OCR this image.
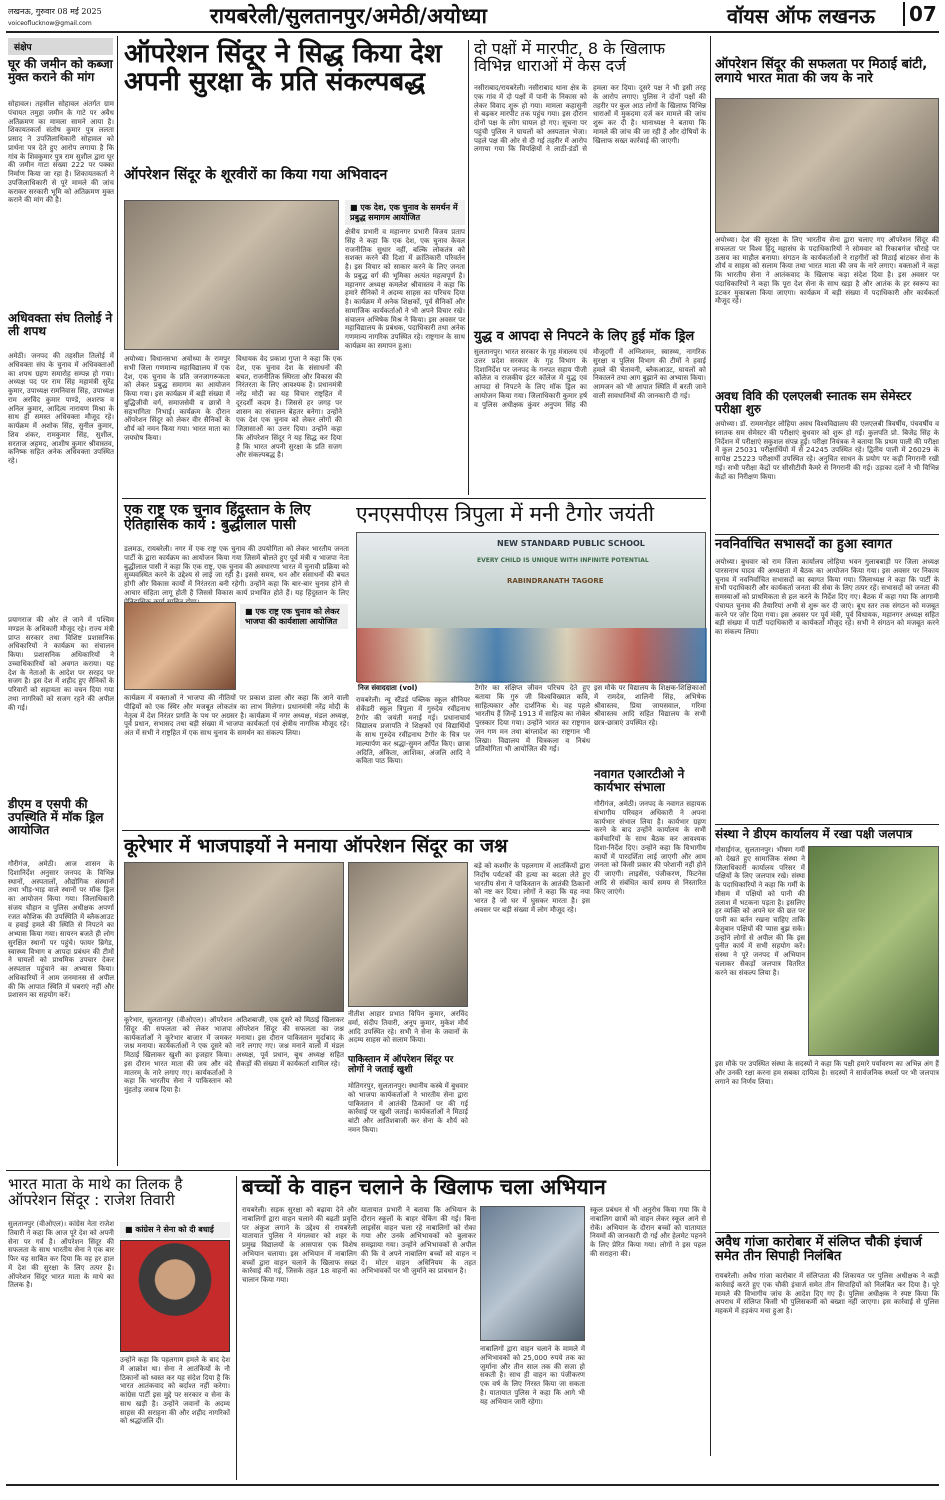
लखनऊ, गुरुवार 08 मई 2025
voiceoflucknow@gmail.com	रायबरेली/सुलतानपुर/अमेठी/अयोध्या	वॉयस ऑफ लखनऊ	07
संक्षेप
घूर की जमीन को कब्जा मुक्त कराने की मांग
सोहावल। तहसील सोहावल अंतर्गत ग्राम पंचायत तमुहा जमीन के गाटे पर अवैध अतिक्रमण का मामला सामने आया है। शिकायतकर्ता संतोष कुमार पुत्र ललता प्रसाद ने उपजिलाधिकारी सोहावल को प्रार्थना पत्र देते हुए आरोप लगाया है कि गांव के शिवकुमार पुत्र राम सुशील द्वारा घूर की जमीन गाटा संख्या 222 पर पक्का निर्माण किया जा रहा है। शिकायतकर्ता ने उपजिलाधिकारी से पूरे मामले की जांच कराकर सरकारी भूमि को अतिक्रमण मुक्त कराने की मांग की है।
अधिवक्ता संघ तिलोई ने ली शपथ
अमेठी। जनपद की तहसील तिलोई में अधिवक्ता संघ के चुनाव में अधिवक्ताओं का शपथ ग्रहण समारोह सम्पन्न हो गया। अध्यक्ष पद पर राम सिंह महामंत्री सुरेंद्र कुमार, उपाध्यक्ष रामनिवास सिंह, उपाध्यक्ष राम अरविंद कुमार पाण्डे, अशरफ व अनिल कुमार, आदित्य नारायण मिश्रा के साथ ही समस्त अधिवक्ता मौजूद रहे। कार्यक्रम में अशोक सिंह, सुनील कुमार, शिव शंकर, रामकुमार सिंह, सुशील, सरताज अहमद, आशीष कुमार श्रीवास्तव, कनिष्क सहित अनेक अधिवक्ता उपस्थित रहे।
प्रयागराज की ओर ले जाने में पश्चिम मण्डल के अधिकारी मौजूद रहे। राज्य मंत्री प्राप्त सरकार तथा विशिष्ट प्रशासनिक अधिकारियों ने कार्यक्रम का संचालन किया। प्रशासनिक अधिकारियों ने उच्चाधिकारियों को अवगत कराया। यह देश के नेताओं के आदेश पर सरहद पर सजग है। इस देश में शहीद हुए सैनिकों के परिवारों को सहायता का वचन दिया गया तथा नागरिकों को सजग रहने की अपील की गई।
डीएम व एसपी की उपस्थिति में मॉक ड्रिल आयोजित
गौरीगंज, अमेठी। आज शासन के दिशानिर्देश अनुसार जनपद के विभिन्न स्थानों, अस्पतालों, औद्योगिक संस्थानों तथा भीड़-भाड़ वाले स्थानों पर मॉक ड्रिल का आयोजन किया गया। जिलाधिकारी संजय चौहान व पुलिस अधीक्षक अपर्णा रजत कौशिक की उपस्थिति में ब्लैकआउट व हवाई हमले की स्थिति से निपटने का अभ्यास किया गया। सायरन बजते ही लोग सुरक्षित स्थानों पर पहुंचे। फायर ब्रिगेड, स्वास्थ्य विभाग व आपदा प्रबंधन की टीमों ने घायलों को प्राथमिक उपचार देकर अस्पताल पहुंचाने का अभ्यास किया। अधिकारियों ने आम जनमानस से अपील की कि आपात स्थिति में घबराएं नहीं और प्रशासन का सहयोग करें।
ऑपरेशन सिंदूर ने सिद्ध किया देश अपनी सुरक्षा के प्रति संकल्पबद्ध
ऑपरेशन सिंदूर के शूरवीरों का किया गया अभिवादन
■ एक देश, एक चुनाव के समर्थन में प्रबुद्ध समागम आयोजित
अयोध्या। विधानसभा अयोध्या के रामपुर सभी जिला गणमान्य महाविद्यालय में एक देश, एक चुनाव के प्रति जनजागरूकता को लेकर प्रबुद्ध समागम का आयोजन किया गया। इस कार्यक्रम में बड़ी संख्या में बुद्धिजीवी वर्ग, समाजसेवी व छात्रों ने सहभागिता निभाई। कार्यक्रम के दौरान ऑपरेशन सिंदूर को लेकर वीर सैनिकों के शौर्य को नमन किया गया। भारत माता का जयघोष किया।
विधायक वेद प्रकाश गुप्ता ने कहा कि एक देश, एक चुनाव देश के संसाधनों की बचत, राजनीतिक स्थिरता और विकास की निरंतरता के लिए आवश्यक है। प्रधानमंत्री नरेंद्र मोदी का यह विचार राष्ट्रहित में दूरदर्शी कदम है। जिससे हर जगह पर शासन का संचालन बेहतर बनेगा। उन्होंने एक देश एक चुनाव को लेकर लोगों की जिज्ञासाओं का उत्तर दिया। उन्होंने कहा कि ऑपरेशन सिंदूर ने यह सिद्ध कर दिया है कि भारत अपनी सुरक्षा के प्रति सजग और संकल्पबद्ध है।
क्षेत्रीय प्रभारी व महानगर प्रभारी विजय प्रताप सिंह ने कहा कि एक देश, एक चुनाव केवल राजनीतिक सुधार नहीं, बल्कि लोकतंत्र को सशक्त करने की दिशा में क्रांतिकारी परिवर्तन है। इस विचार को साकार करने के लिए जनता के प्रबुद्ध वर्ग की भूमिका अत्यंत महत्वपूर्ण है। महानगर अध्यक्ष कमलेश श्रीवास्तव ने कहा कि हमारे सैनिकों ने अदम्य साहस का परिचय दिया है। कार्यक्रम में अनेक शिक्षकों, पूर्व सैनिकों और सामाजिक कार्यकर्ताओं ने भी अपने विचार रखे। संचालन अभिषेक मिश्र ने किया। इस अवसर पर महाविद्यालय के प्रबंधक, पदाधिकारी तथा अनेक गणमान्य नागरिक उपस्थित रहे। राष्ट्रगान के साथ कार्यक्रम का समापन हुआ।
दो पक्षों में मारपीट, 8 के खिलाफ विभिन्न धाराओं में केस दर्ज
नसीराबाद/रायबरेली। नसीराबाद थाना क्षेत्र के एक गांव में दो पक्षों में पानी के निकास को लेकर विवाद शुरू हो गया। मामला कहासुनी से बढ़कर मारपीट तक पहुंच गया। इस दौरान दोनों पक्ष के लोग घायल हो गए। सूचना पर पहुंची पुलिस ने घायलों को अस्पताल भेजा। पहले पक्ष की ओर से दी गई तहरीर में आरोप लगाया गया कि विपक्षियों ने लाठी-डंडों से हमला कर दिया। दूसरे पक्ष ने भी इसी तरह के आरोप लगाए। पुलिस ने दोनों पक्षों की तहरीर पर कुल आठ लोगों के खिलाफ विभिन्न धाराओं में मुकदमा दर्ज कर मामले की जांच शुरू कर दी है। थानाध्यक्ष ने बताया कि मामले की जांच की जा रही है और दोषियों के खिलाफ सख्त कार्रवाई की जाएगी।
युद्ध व आपदा से निपटने के लिए हुई मॉक ड्रिल
सुलतानपुर। भारत सरकार के गृह मंत्रालय एवं उत्तर प्रदेश सरकार के गृह विभाग के दिशानिर्देश पर जनपद के गनपत सहाय पीजी कॉलेज व राजकीय इंटर कॉलेज में युद्ध एवं आपदा से निपटने के लिए मॉक ड्रिल का आयोजन किया गया। जिलाधिकारी कुमार हर्ष व पुलिस अधीक्षक कुंवर अनुपम सिंह की मौजूदगी में अग्निशमन, स्वास्थ्य, नागरिक सुरक्षा व पुलिस विभाग की टीमों ने हवाई हमले की चेतावनी, ब्लैकआउट, घायलों को निकालने तथा आग बुझाने का अभ्यास किया। आमजन को भी आपात स्थिति में बरती जाने वाली सावधानियों की जानकारी दी गई।
एक राष्ट्र एक चुनाव हिंदुस्तान के लिए ऐतिहासिक कार्य : बुद्धीलाल पासी
डलमऊ, रायबरेली। नगर में एक राष्ट्र एक चुनाव की उपयोगिता को लेकर भारतीय जनता पार्टी के द्वारा कार्यक्रम का आयोजन किया गया जिसमें बोलते हुए पूर्व मंत्री व भाजपा नेता बुद्धीलाल पासी ने कहा कि एक राष्ट्र, एक चुनाव की अवधारणा भारत में चुनावी प्रक्रिया को सुव्यवस्थित करने के उद्देश्य से लाई जा रही है। इससे समय, धन और संसाधनों की बचत होगी और विकास कार्यों में निरंतरता बनी रहेगी। उन्होंने कहा कि बार-बार चुनाव होने से आचार संहिता लागू होती है जिससे विकास कार्य प्रभावित होते हैं। यह हिंदुस्तान के लिए
■ एक राष्ट्र एक चुनाव को लेकर भाजपा की कार्यशाला आयोजित
कार्यक्रम में वक्ताओं ने भाजपा की नीतियों पर प्रकाश डाला और कहा कि आने वाली पीढ़ियों को एक स्थिर और मजबूत लोकतंत्र का लाभ मिलेगा। प्रधानमंत्री नरेंद्र मोदी के नेतृत्व में देश निरंतर प्रगति के पथ पर अग्रसर है। कार्यक्रम में नगर अध्यक्ष, मंडल अध्यक्ष, पूर्व प्रधान, सभासद तथा बड़ी संख्या में भाजपा कार्यकर्ता एवं क्षेत्रीय नागरिक मौजूद रहे। अंत में सभी ने राष्ट्रहित में एक साथ चुनाव के समर्थन का संकल्प लिया।
एनएसपीएस त्रिपुला में मनी टैगोर जयंती
NEW STANDARD PUBLIC SCHOOL
EVERY CHILD IS UNIQUE WITH INFINITE POTENTIAL
RABINDRANATH TAGORE
निज संवाददाता (vol)
रायबरेली। न्यू स्टैंडर्ड पब्लिक स्कूल सीनियर सेकेंडरी स्कूल त्रिपुला में गुरुदेव रवींद्रनाथ टैगोर की जयंती मनाई गई। प्रधानाचार्य विद्यालय प्रजापति ने शिक्षकों एवं विद्यार्थियों के साथ गुरुदेव रवींद्रनाथ टैगोर के चित्र पर माल्यार्पण कर श्रद्धा-सुमन अर्पित किए। छात्रा अदिति, अंकिता, आशिका, अंजलि आदि ने कविता पाठ किया।
टैगोर का संक्षिप्त जीवन परिचय देते हुए बताया कि गुरु जी विश्वविख्यात कवि, साहित्यकार और दार्शनिक थे। वह पहले भारतीय हैं जिन्हें 1913 में साहित्य का नोबेल पुरस्कार दिया गया। उन्होंने भारत का राष्ट्रगान जन गण मन तथा बांग्लादेश का राष्ट्रगान भी लिखा। विद्यालय में चित्रकला व निबंध प्रतियोगिता भी आयोजित की गई।
इस मौके पर विद्यालय के शिक्षक-शिक्षिकाओं में रामदेव, शालिनी सिंह, अभिषेक श्रीवास्तव, प्रिया जायसवाल, गरिमा श्रीवास्तव आदि सहित विद्यालय के सभी छात्र-छात्राएं उपस्थित रहे।
नवागत एआरटीओ ने कार्यभार संभाला
गौरीगंज, अमेठी। जनपद के नवागत सहायक संभागीय परिवहन अधिकारी ने अपना कार्यभार संभाल लिया है। कार्यभार ग्रहण करने के बाद उन्होंने कार्यालय के सभी कर्मचारियों के साथ बैठक कर आवश्यक दिशा-निर्देश दिए। उन्होंने कहा कि विभागीय कार्यों में पारदर्शिता लाई जाएगी और आम जनता को किसी प्रकार की परेशानी नहीं होने दी जाएगी। लाइसेंस, पंजीकरण, फिटनेस आदि से संबंधित कार्य समय से निस्तारित किए जाएंगे।
कूरेभार में भाजपाइयों ने मनाया ऑपरेशन सिंदूर का जश्न
बड़े को कश्मीर के पहलगाम में आतंकियों द्वारा निर्दोष पर्यटकों की हत्या का बदला लेते हुए भारतीय सेना ने पाकिस्तान के आतंकी ठिकानों को नष्ट कर दिया। लोगों ने कहा कि यह नया भारत है जो घर में घुसकर मारता है। इस अवसर पर बड़ी संख्या में लोग मौजूद रहे।
कूरेभार, सुलतानपुर (वीओएल)। ऑपरेशन सिंदूर की सफलता को लेकर भाजपा कार्यकर्ताओं ने कूरेभार बाजार में जमकर जश्न मनाया। कार्यकर्ताओं ने एक दूसरे को मिठाई खिलाकर खुशी का इजहार किया। इस दौरान भारत माता की जय और वंदे मातरम् के नारे लगाए गए। कार्यकर्ताओं ने कहा कि भारतीय सेना ने पाकिस्तान को मुंहतोड़ जवाब दिया है।
अतिशबाजी, एक दूसरे को मिठाई खिलाकर ऑपरेशन सिंदूर की सफलता का जश्न मनाया। इस दौरान पाकिस्तान मुर्दाबाद के नारे लगाए गए। जश्न मनाने वालों में मंडल अध्यक्ष, पूर्व प्रधान, बूथ अध्यक्ष सहित सैकड़ों की संख्या में कार्यकर्ता शामिल रहे।
नीतीश आहार प्रभात विपिन कुमार, अरविंद वर्मा, संदीप तिवारी, अनूप कुमार, मुकेश मौर्य आदि उपस्थित रहे। सभी ने सेना के जवानों के अदम्य साहस को सलाम किया।
पाकिस्तान में ऑपरेशन सिंदूर पर लोगों ने जताई खुशी
मोतिगरपुर, सुलतानपुर। स्थानीय कस्बे में बुधवार को भाजपा कार्यकर्ताओं ने भारतीय सेना द्वारा पाकिस्तान में आतंकी ठिकानों पर की गई कार्रवाई पर खुशी जताई। कार्यकर्ताओं ने मिठाई बांटी और आतिशबाजी कर सेना के शौर्य को नमन किया।
भारत माता के माथे का तिलक है ऑपरेशन सिंदूर : राजेश तिवारी
सुलतानपुर (वीओएल)। कांग्रेस नेता राजेश तिवारी ने कहा कि आज पूरे देश को अपनी सेना पर गर्व है। ऑपरेशन सिंदूर की सफलता के साथ भारतीय सेना ने एक बार फिर यह साबित कर दिया कि वह हर हाल में देश की सुरक्षा के लिए तत्पर है। ऑपरेशन सिंदूर भारत माता के माथे का तिलक है।
■ कांग्रेस ने सेना को दी बधाई
उन्होंने कहा कि पहलगाम हमले के बाद देश में आक्रोश था। सेना ने आतंकियों के नौ ठिकानों को ध्वस्त कर यह संदेश दिया है कि भारत आतंकवाद को बर्दाश्त नहीं करेगा। कांग्रेस पार्टी इस मुद्दे पर सरकार व सेना के साथ खड़ी है। उन्होंने जवानों के अदम्य साहस की सराहना की और शहीद नागरिकों को श्रद्धांजलि दी।
बच्चों के वाहन चलाने के खिलाफ चला अभियान
रायबरेली। सड़क सुरक्षा को बढ़ावा देने और नाबालिगों द्वारा वाहन चलाने की बढ़ती प्रवृत्ति पर अंकुश लगाने के उद्देश्य से रायबरेली यातायात पुलिस ने मंगलवार को शहर के प्रमुख विद्यालयों के आसपास एक विशेष अभियान चलाया। इस अभियान में नाबालिग बच्चों द्वारा वाहन चलाने के खिलाफ सख्त कार्रवाई की गई, जिसके तहत 18 वाहनों का चालान किया गया।
यातायात प्रभारी ने बताया कि अभियान के दौरान स्कूलों के बाहर चेकिंग की गई। बिना लाइसेंस वाहन चला रहे नाबालिगों को रोका गया और उनके अभिभावकों को बुलाकर समझाया गया। उन्होंने अभिभावकों से अपील की कि वे अपने नाबालिग बच्चों को वाहन न दें। मोटर वाहन अधिनियम के तहत अभिभावकों पर भी जुर्माने का प्रावधान है।
नाबालिगों द्वारा वाहन चलाने के मामले में अभिभावकों को 25,000 रुपये तक का जुर्माना और तीन साल तक की सजा हो सकती है। साथ ही वाहन का पंजीकरण एक वर्ष के लिए निरस्त किया जा सकता है। यातायात पुलिस ने कहा कि आगे भी यह अभियान जारी रहेगा।
स्कूल प्रबंधन से भी अनुरोध किया गया कि वे नाबालिग छात्रों को वाहन लेकर स्कूल आने से रोकें। अभियान के दौरान बच्चों को यातायात नियमों की जानकारी दी गई और हेलमेट पहनने के लिए प्रेरित किया गया। लोगों ने इस पहल की सराहना की।
ऑपरेशन सिंदूर की सफलता पर मिठाई बांटी, लगाये भारत माता की जय के नारे
अयोध्या। देश की सुरक्षा के लिए भारतीय सेना द्वारा चलाए गए ऑपरेशन सिंदूर की सफलता पर विश्व हिंदू महासंघ के पदाधिकारियों ने सोमवार को रिकाबगंज चौराहे पर उत्सव का माहौल बनाया। संगठन के कार्यकर्ताओं ने राहगीरों को मिठाई बांटकर सेना के शौर्य व साहस को सलाम किया तथा भारत माता की जय के नारे लगाए। वक्ताओं ने कहा कि भारतीय सेना ने आतंकवाद के खिलाफ कड़ा संदेश दिया है। इस अवसर पर पदाधिकारियों ने कहा कि पूरा देश सेना के साथ खड़ा है और आतंक के हर स्वरूप का डटकर मुकाबला किया जाएगा। कार्यक्रम में बड़ी संख्या में पदाधिकारी और कार्यकर्ता मौजूद रहे।
अवध विवि की एलएलबी स्नातक सम सेमेस्टर परीक्षा शुरु
अयोध्या। डॉ. राममनोहर लोहिया अवध विश्वविद्यालय की एलएलबी त्रिवर्षीय, पंचवर्षीय व स्नातक सम सेमेस्टर की परीक्षाएं बुधवार को शुरू हो गईं। कुलपति प्रो. बिजेंद्र सिंह के निर्देशन में परीक्षाएं सकुशल संपन्न हुईं। परीक्षा नियंत्रक ने बताया कि प्रथम पाली की परीक्षा में कुल 25031 परीक्षार्थियों में से 24245 उपस्थित रहे। द्वितीय पाली में 26029 के सापेक्ष 25223 परीक्षार्थी उपस्थित रहे। अनुचित साधन के प्रयोग पर कड़ी निगरानी रखी गई। सभी परीक्षा केंद्रों पर सीसीटीवी कैमरे से निगरानी की गई। उड़ाका दलों ने भी विभिन्न केंद्रों का निरीक्षण किया।
नवनिर्वाचित सभासदों का हुआ स्वागत
अयोध्या। बुधवार को राम जिला कार्यालय लोहिया भवन गुलाबबाड़ी पर जिला अध्यक्ष पारसनाथ यादव की अध्यक्षता में बैठक का आयोजन किया गया। इस अवसर पर निकाय चुनाव में नवनिर्वाचित सभासदों का स्वागत किया गया। जिलाध्यक्ष ने कहा कि पार्टी के सभी पदाधिकारी और कार्यकर्ता जनता की सेवा के लिए तत्पर रहें। सभासदों को जनता की समस्याओं को प्राथमिकता से हल करने के निर्देश दिए गए। बैठक में कहा गया कि आगामी पंचायत चुनाव की तैयारियां अभी से शुरू कर दी जाएं। बूथ स्तर तक संगठन को मजबूत करने पर जोर दिया गया। इस अवसर पर पूर्व मंत्री, पूर्व विधायक, महानगर अध्यक्ष सहित बड़ी संख्या में पार्टी पदाधिकारी व कार्यकर्ता मौजूद रहे। सभी ने संगठन को मजबूत करने का संकल्प लिया।
संस्था ने डीएम कार्यालय में रखा पक्षी जलपात्र
गोसाईगंज, सुलतानपुर। भीषण गर्मी को देखते हुए सामाजिक संस्था ने जिलाधिकारी कार्यालय परिसर में पक्षियों के लिए जलपात्र रखे। संस्था के पदाधिकारियों ने कहा कि गर्मी के मौसम में पक्षियों को पानी की तलाश में भटकना पड़ता है। इसलिए हर व्यक्ति को अपने घर की छत पर पानी का बर्तन रखना चाहिए ताकि बेजुबान पक्षियों की प्यास बुझ सके। उन्होंने लोगों से अपील की कि इस पुनीत कार्य में सभी सहयोग करें। संस्था ने पूरे जनपद में अभियान चलाकर सैकड़ों जलपात्र वितरित करने का संकल्प लिया है।
इस मौके पर उपस्थित संस्था के सदस्यों ने कहा कि पक्षी हमारे पर्यावरण का अभिन्न अंग हैं और उनकी रक्षा करना हम सबका दायित्व है। सदस्यों ने सार्वजनिक स्थलों पर भी जलपात्र लगाने का निर्णय लिया।
अवैध गांजा कारोबार में संलिप्त चौकी इंचार्ज समेत तीन सिपाही निलंबित
रायबरेली। अवैध गांजा कारोबार में संलिप्तता की शिकायत पर पुलिस अधीक्षक ने कड़ी कार्रवाई करते हुए एक चौकी इंचार्ज समेत तीन सिपाहियों को निलंबित कर दिया है। पूरे मामले की विभागीय जांच के आदेश दिए गए हैं। पुलिस अधीक्षक ने स्पष्ट किया कि अपराध में संलिप्त किसी भी पुलिसकर्मी को बख्शा नहीं जाएगा। इस कार्रवाई से पुलिस महकमे में हड़कंप मचा हुआ है।
